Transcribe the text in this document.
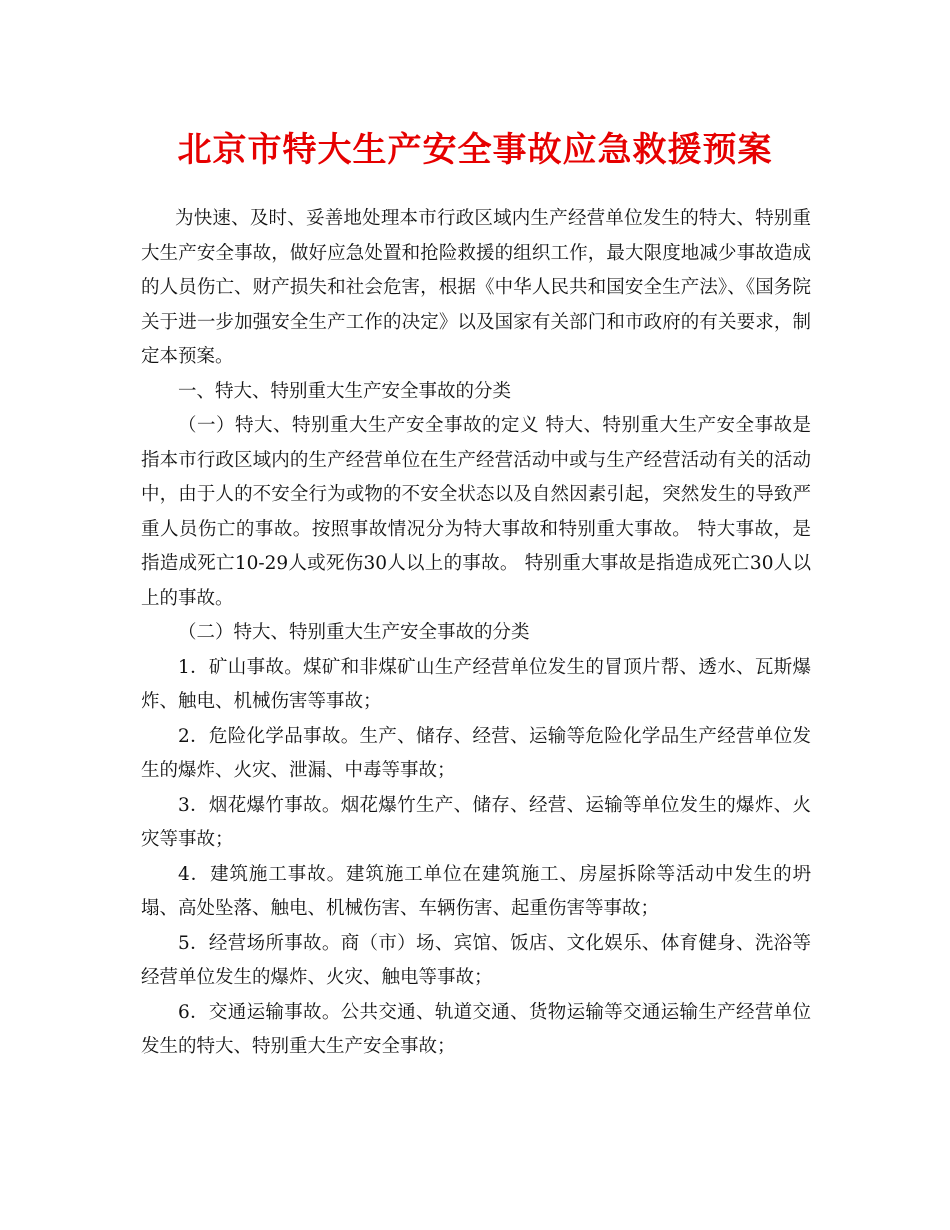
北京市特大生产安全事故应急救援预案

为快速、及时、妥善地处理本市行政区域内生产经营单位发生的特大、特别重大生产安全事故，做好应急处置和抢险救援的组织工作，最大限度地减少事故造成的人员伤亡、财产损失和社会危害，根据《中华人民共和国安全生产法》、《国务院关于进一步加强安全生产工作的决定》以及国家有关部门和市政府的有关要求，制定本预案。

一、特大、特别重大生产安全事故的分类

（一）特大、特别重大生产安全事故的定义 特大、特别重大生产安全事故是指本市行政区域内的生产经营单位在生产经营活动中或与生产经营活动有关的活动中，由于人的不安全行为或物的不安全状态以及自然因素引起，突然发生的导致严重人员伤亡的事故。按照事故情况分为特大事故和特别重大事故。 特大事故，是指造成死亡10-29人或死伤30人以上的事故。 特别重大事故是指造成死亡30人以上的事故。

（二）特大、特别重大生产安全事故的分类

1．矿山事故。煤矿和非煤矿山生产经营单位发生的冒顶片帮、透水、瓦斯爆炸、触电、机械伤害等事故；

2．危险化学品事故。生产、储存、经营、运输等危险化学品生产经营单位发生的爆炸、火灾、泄漏、中毒等事故；

3．烟花爆竹事故。烟花爆竹生产、储存、经营、运输等单位发生的爆炸、火灾等事故；

4．建筑施工事故。建筑施工单位在建筑施工、房屋拆除等活动中发生的坍塌、高处坠落、触电、机械伤害、车辆伤害、起重伤害等事故；

5．经营场所事故。商（市）场、宾馆、饭店、文化娱乐、体育健身、洗浴等经营单位发生的爆炸、火灾、触电等事故；

6．交通运输事故。公共交通、轨道交通、货物运输等交通运输生产经营单位发生的特大、特别重大生产安全事故；
